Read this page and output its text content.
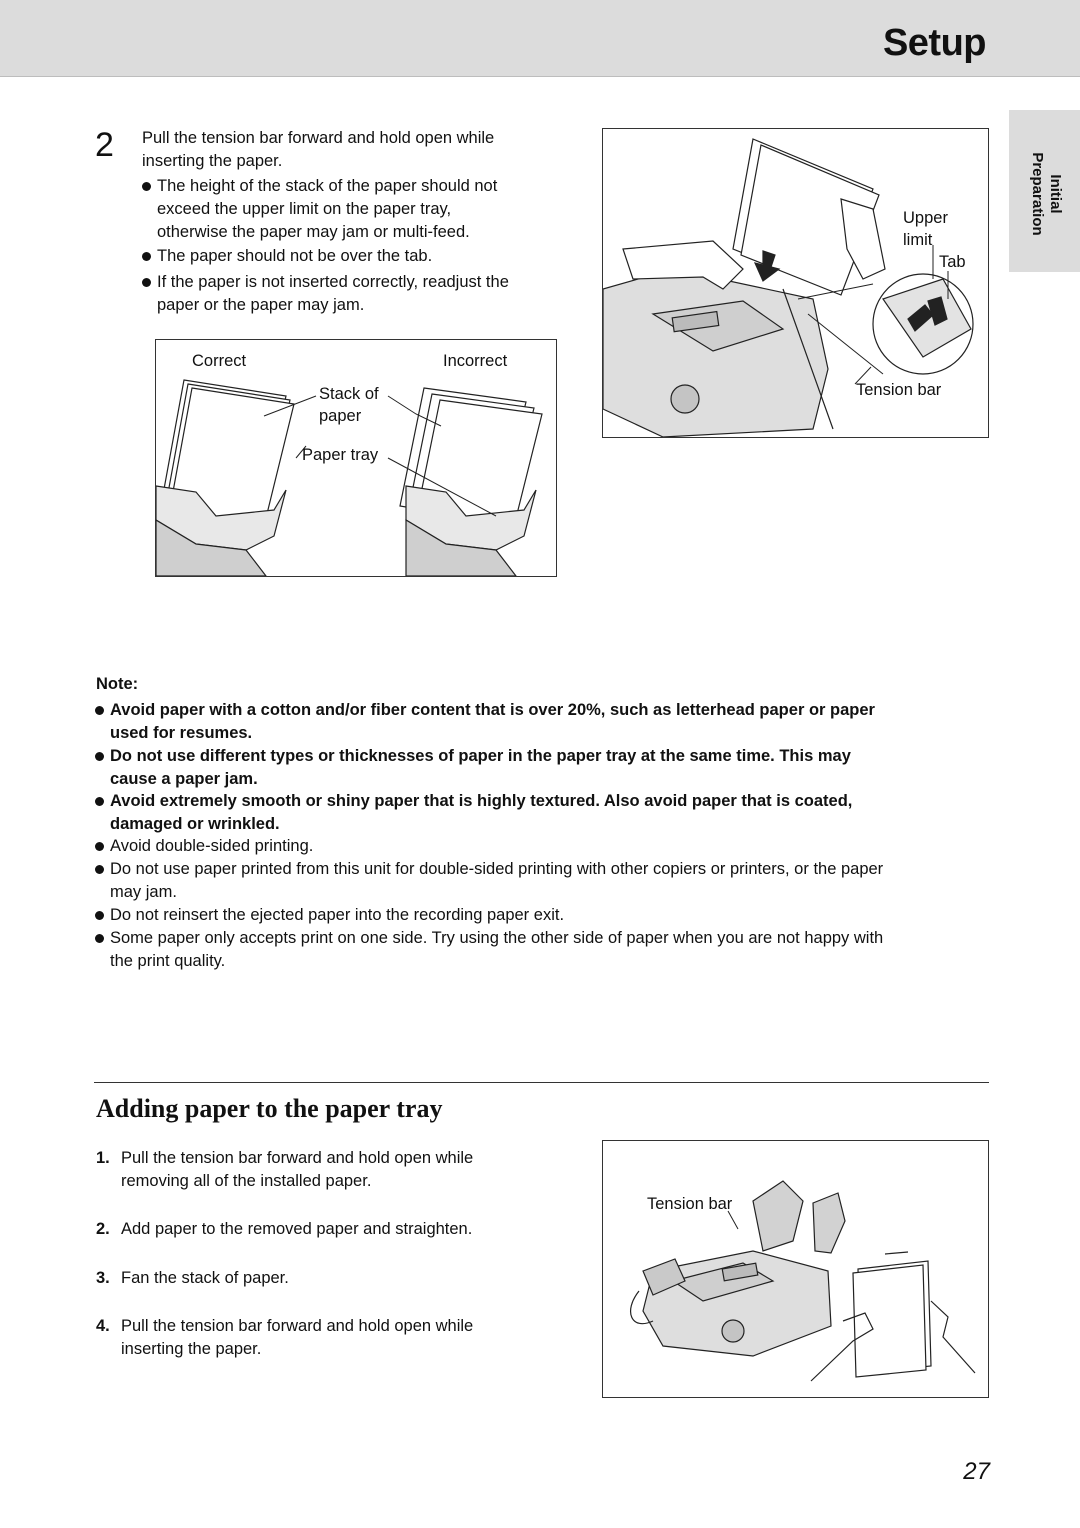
Setup
Initial
Preparation
2 Pull the tension bar forward and hold open while
inserting the paper.
The height of the stack of the paper should not
exceed the upper limit on the paper tray,
otherwise the paper may jam or multi-feed.
The paper should not be over the tab.
If the paper is not inserted correctly, readjust the
paper or the paper may jam.
Correct	Incorrect
Stack of
paper
Paper tray
Upper
limit
Tab
Tension bar
Note:
Avoid paper with a cotton and/or fiber content that is over 20%, such as letterhead paper or paper
used for resumes.
Do not use different types or thicknesses of paper in the paper tray at the same time. This may
cause a paper jam.
Avoid extremely smooth or shiny paper that is highly textured. Also avoid paper that is coated,
damaged or wrinkled.
Avoid double-sided printing.
Do not use paper printed from this unit for double-sided printing with other copiers or printers, or the paper
may jam.
Do not reinsert the ejected paper into the recording paper exit.
Some paper only accepts print on one side. Try using the other side of paper when you are not happy with
the print quality.
Adding paper to the paper tray
1. Pull the tension bar forward and hold open while
removing all of the installed paper.
2. Add paper to the removed paper and straighten.
3. Fan the stack of paper.
4. Pull the tension bar forward and hold open while
inserting the paper.
Tension bar
27
